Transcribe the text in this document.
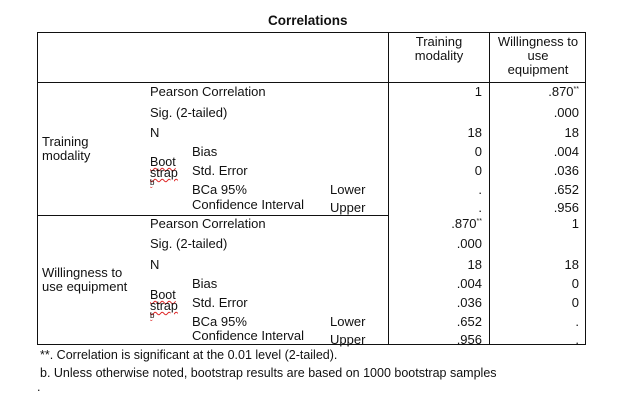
Correlations
Training
modality
Willingness to
use
equipment
Training
modality
Pearson Correlation
Sig. (2-tailed)
N
Boot
strap
b
ˇ
Bias
Std. Error
BCa 95%
Confidence Interval
Lower
Upper
1
18
0
0
.
.
.870**
.000
18
.004
.036
.652
.956
Willingness to
use equipment
Pearson Correlation
Sig. (2-tailed)
N
Boot
strap
b
ˇ
Bias
Std. Error
BCa 95%
Confidence Interval
Lower
Upper
.870**
.000
18
.004
.036
.652
.956
1
18
0
0
.
.
**. Correlation is significant at the 0.01 level (2-tailed).
b. Unless otherwise noted, bootstrap results are based on 1000 bootstrap samples
.
